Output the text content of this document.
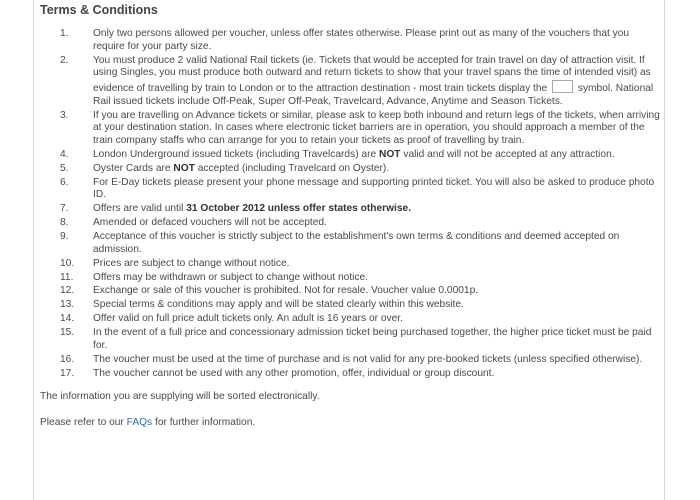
Terms & Conditions
1. Only two persons allowed per voucher, unless offer states otherwise. Please print out as many of the vouchers that you require for your party size.
2. You must produce 2 valid National Rail tickets (ie. Tickets that would be accepted for train travel on day of attraction visit. If using Singles, you must produce both outward and return tickets to show that your travel spans the time of intended visit) as evidence of travelling by train to London or to the attraction destination - most train tickets display the	symbol. National Rail issued tickets include Off-Peak, Super Off-Peak, Travelcard, Advance, Anytime and Season Tickets.
3. If you are travelling on Advance tickets or similar, please ask to keep both inbound and return legs of the tickets, when arriving at your destination station. In cases where electronic ticket barriers are in operation, you should approach a member of the train company staffs who can arrange for you to retain your tickets as proof of travelling by train.
4. London Underground issued tickets (including Travelcards) are NOT valid and will not be accepted at any attraction.
5. Oyster Cards are NOT accepted (including Travelcard on Oyster).
6. For E-Day tickets please present your phone message and supporting printed ticket. You will also be asked to produce photo ID.
7. Offers are valid until 31 October 2012 unless offer states otherwise.
8. Amended or defaced vouchers will not be accepted.
9. Acceptance of this voucher is strictly subject to the establishment's own terms & conditions and deemed accepted on admission.
10. Prices are subject to change without notice.
11. Offers may be withdrawn or subject to change without notice.
12. Exchange or sale of this voucher is prohibited. Not for resale. Voucher value 0.0001p.
13. Special terms & conditions may apply and will be stated clearly within this website.
14. Offer valid on full price adult tickets only. An adult is 16 years or over.
15. In the event of a full price and concessionary admission ticket being purchased together, the higher price ticket must be paid for.
16. The voucher must be used at the time of purchase and is not valid for any pre-booked tickets (unless specified otherwise).
17. The voucher cannot be used with any other promotion, offer, individual or group discount.

The information you are supplying will be sorted electronically.

Please refer to our FAQs for further information.
